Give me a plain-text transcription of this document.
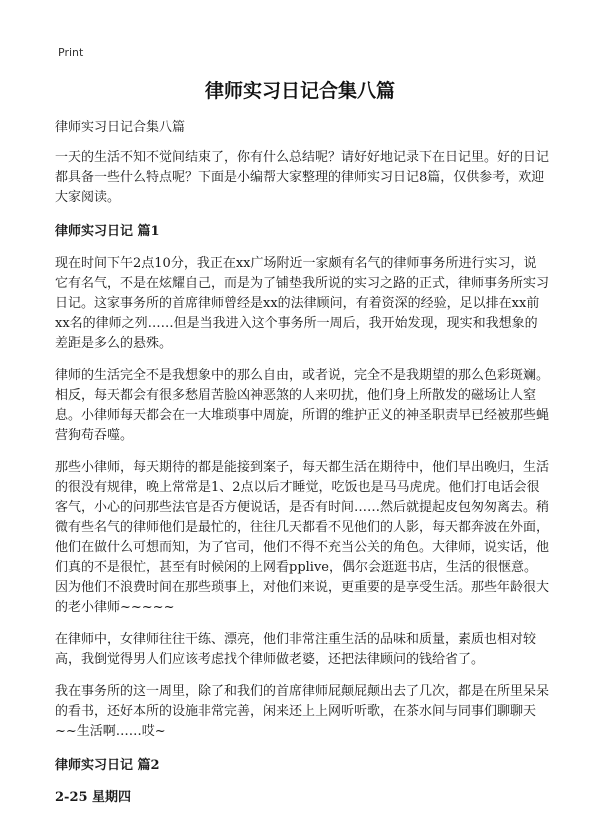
Print
律师实习日记合集八篇

律师实习日记合集八篇

一天的生活不知不觉间结束了，你有什么总结呢？请好好地记录下在日记里。好的日记都具备一些什么特点呢？下面是小编帮大家整理的律师实习日记8篇，仅供参考，欢迎大家阅读。

律师实习日记 篇1

现在时间下午2点10分，我正在xx广场附近一家颇有名气的律师事务所进行实习，说它有名气，不是在炫耀自己，而是为了铺垫我所说的实习之路的正式，律师事务所实习日记。这家事务所的首席律师曾经是xx的法律顾问，有着资深的经验，足以排在xx前xx名的律师之列……但是当我进入这个事务所一周后，我开始发现，现实和我想象的差距是多么的悬殊。

律师的生活完全不是我想象中的那么自由，或者说，完全不是我期望的那么色彩斑斓。相反，每天都会有很多愁眉苦脸凶神恶煞的人来叨扰，他们身上所散发的磁场让人窒息。小律师每天都会在一大堆琐事中周旋，所谓的维护正义的神圣职责早已经被那些蝇营狗苟吞噬。

那些小律师，每天期待的都是能接到案子，每天都生活在期待中，他们早出晚归，生活的很没有规律，晚上常常是1、2点以后才睡觉，吃饭也是马马虎虎。他们打电话会很客气，小心的问那些法官是否方便说话，是否有时间……然后就提起皮包匆匆离去。稍微有些名气的律师他们是最忙的，往往几天都看不见他们的人影，每天都奔波在外面，他们在做什么可想而知，为了官司，他们不得不充当公关的角色。大律师，说实话，他们真的不是很忙，甚至有时候闲的上网看pplive，偶尔会逛逛书店，生活的很惬意。因为他们不浪费时间在那些琐事上，对他们来说，更重要的是享受生活。那些年龄很大的老小律师~~~~~

在律师中，女律师往往干练、漂亮，他们非常注重生活的品味和质量，素质也相对较高，我倒觉得男人们应该考虑找个律师做老婆，还把法律顾问的钱给省了。

我在事务所的这一周里，除了和我们的首席律师屁颠屁颠出去了几次，都是在所里呆呆的看书，还好本所的设施非常完善，闲来还上上网听听歌，在茶水间与同事们聊聊天~~生活啊……哎~

律师实习日记 篇2

2-25 星期四
